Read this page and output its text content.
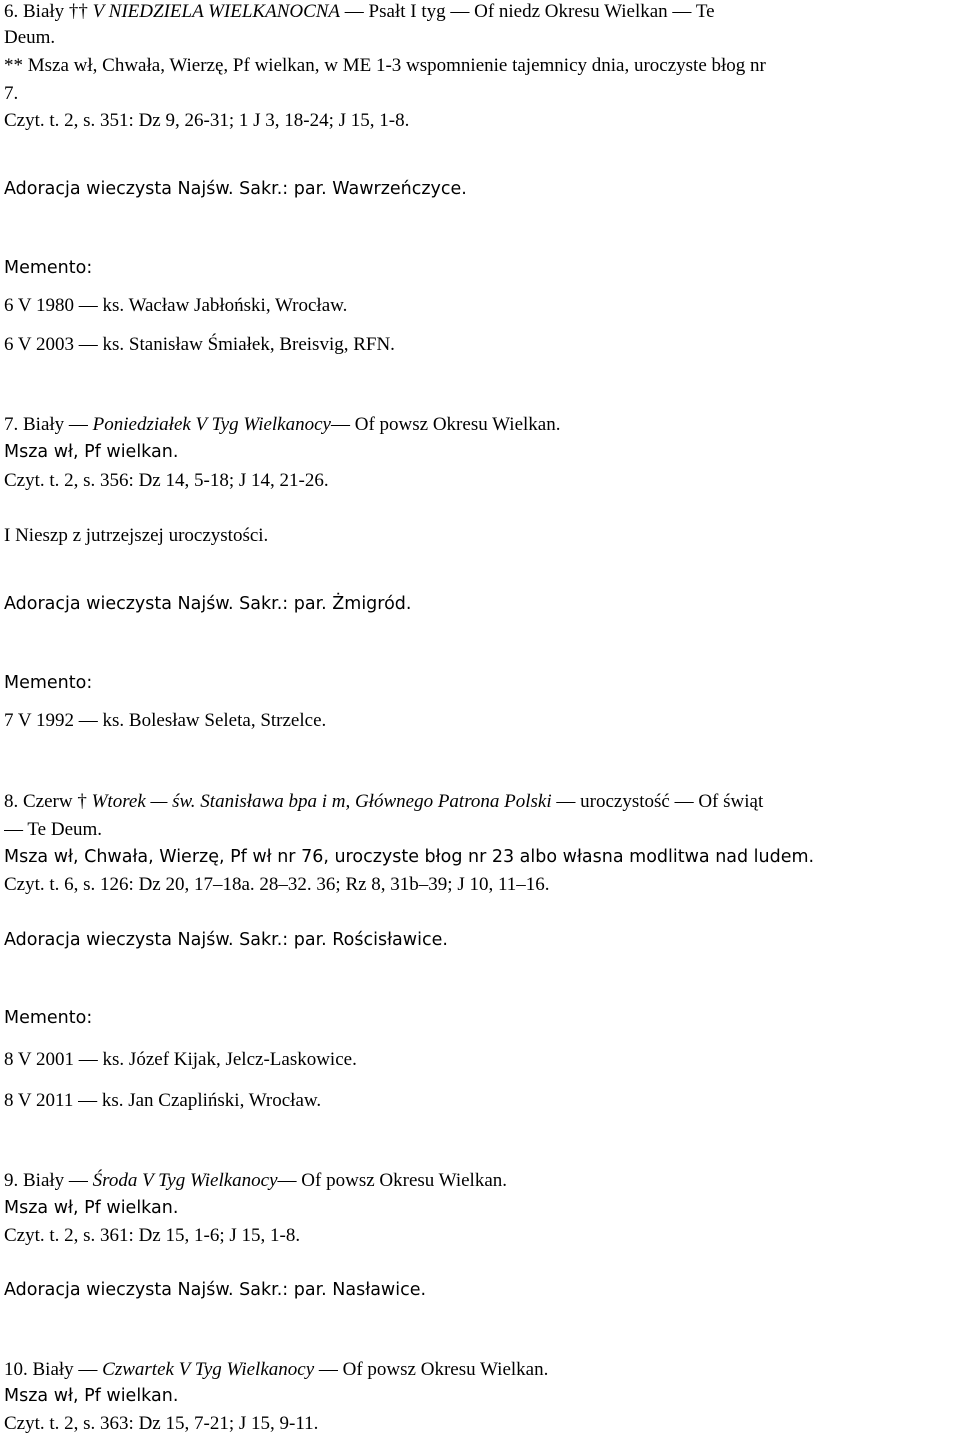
6. Biały †† V NIEDZIELA WIELKANOCNA — Psałt I tyg — Of niedz Okresu Wielkan — Te
Deum.
** Msza wł, Chwała, Wierzę, Pf wielkan, w ME 1-3 wspomnienie tajemnicy dnia, uroczyste błog nr
7.
Czyt. t. 2, s. 351: Dz 9, 26-31; 1 J 3, 18-24; J 15, 1-8.
Adoracja wieczysta Najśw. Sakr.: par. Wawrzeńczyce.
Memento:
6 V 1980 — ks. Wacław Jabłoński, Wrocław.
6 V 2003 — ks. Stanisław Śmiałek, Breisvig, RFN.
7. Biały — Poniedziałek V Tyg Wielkanocy— Of powsz Okresu Wielkan.
Msza wł, Pf wielkan.
Czyt. t. 2, s. 356: Dz 14, 5-18; J 14, 21-26.
I Nieszp z jutrzejszej uroczystości.
Adoracja wieczysta Najśw. Sakr.: par. Żmigród.
Memento:
7 V 1992 — ks. Bolesław Seleta, Strzelce.
8. Czerw † Wtorek — św. Stanisława bpa i m, Głównego Patrona Polski — uroczystość — Of świąt
— Te Deum.
Msza wł, Chwała, Wierzę, Pf wł nr 76, uroczyste błog nr 23 albo własna modlitwa nad ludem.
Czyt. t. 6, s. 126: Dz 20, 17–18a. 28–32. 36; Rz 8, 31b–39; J 10, 11–16.
Adoracja wieczysta Najśw. Sakr.: par. Rościsławice.
Memento:
8 V 2001 — ks. Józef Kijak, Jelcz-Laskowice.
8 V 2011 — ks. Jan Czapliński, Wrocław.
9. Biały — Środa V Tyg Wielkanocy— Of powsz Okresu Wielkan.
Msza wł, Pf wielkan.
Czyt. t. 2, s. 361: Dz 15, 1-6; J 15, 1-8.
Adoracja wieczysta Najśw. Sakr.: par. Nasławice.
10. Biały — Czwartek V Tyg Wielkanocy — Of powsz Okresu Wielkan.
Msza wł, Pf wielkan.
Czyt. t. 2, s. 363: Dz 15, 7-21; J 15, 9-11.
